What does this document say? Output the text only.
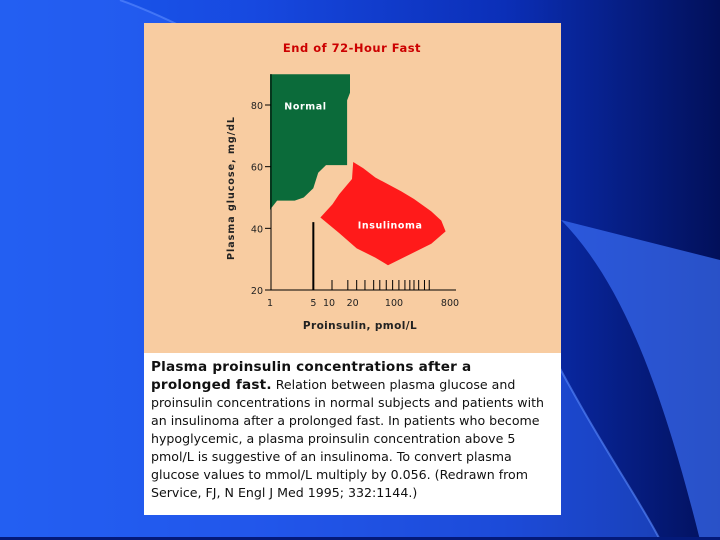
End of 72-Hour Fast
Normal
Insulinoma
20
40
60
80
1	5 10 20	100	800
Proinsulin, pmol/L
Plasma glucose, mg/dL
Plasma proinsulin concentrations after a prolonged fast. Relation between plasma glucose and proinsulin concentrations in normal subjects and patients with an insulinoma after a prolonged fast. In patients who become hypoglycemic, a plasma proinsulin concentration above 5 pmol/L is suggestive of an insulinoma. To convert plasma glucose values to mmol/L multiply by 0.056. (Redrawn from Service, FJ, N Engl J Med 1995; 332:1144.)
